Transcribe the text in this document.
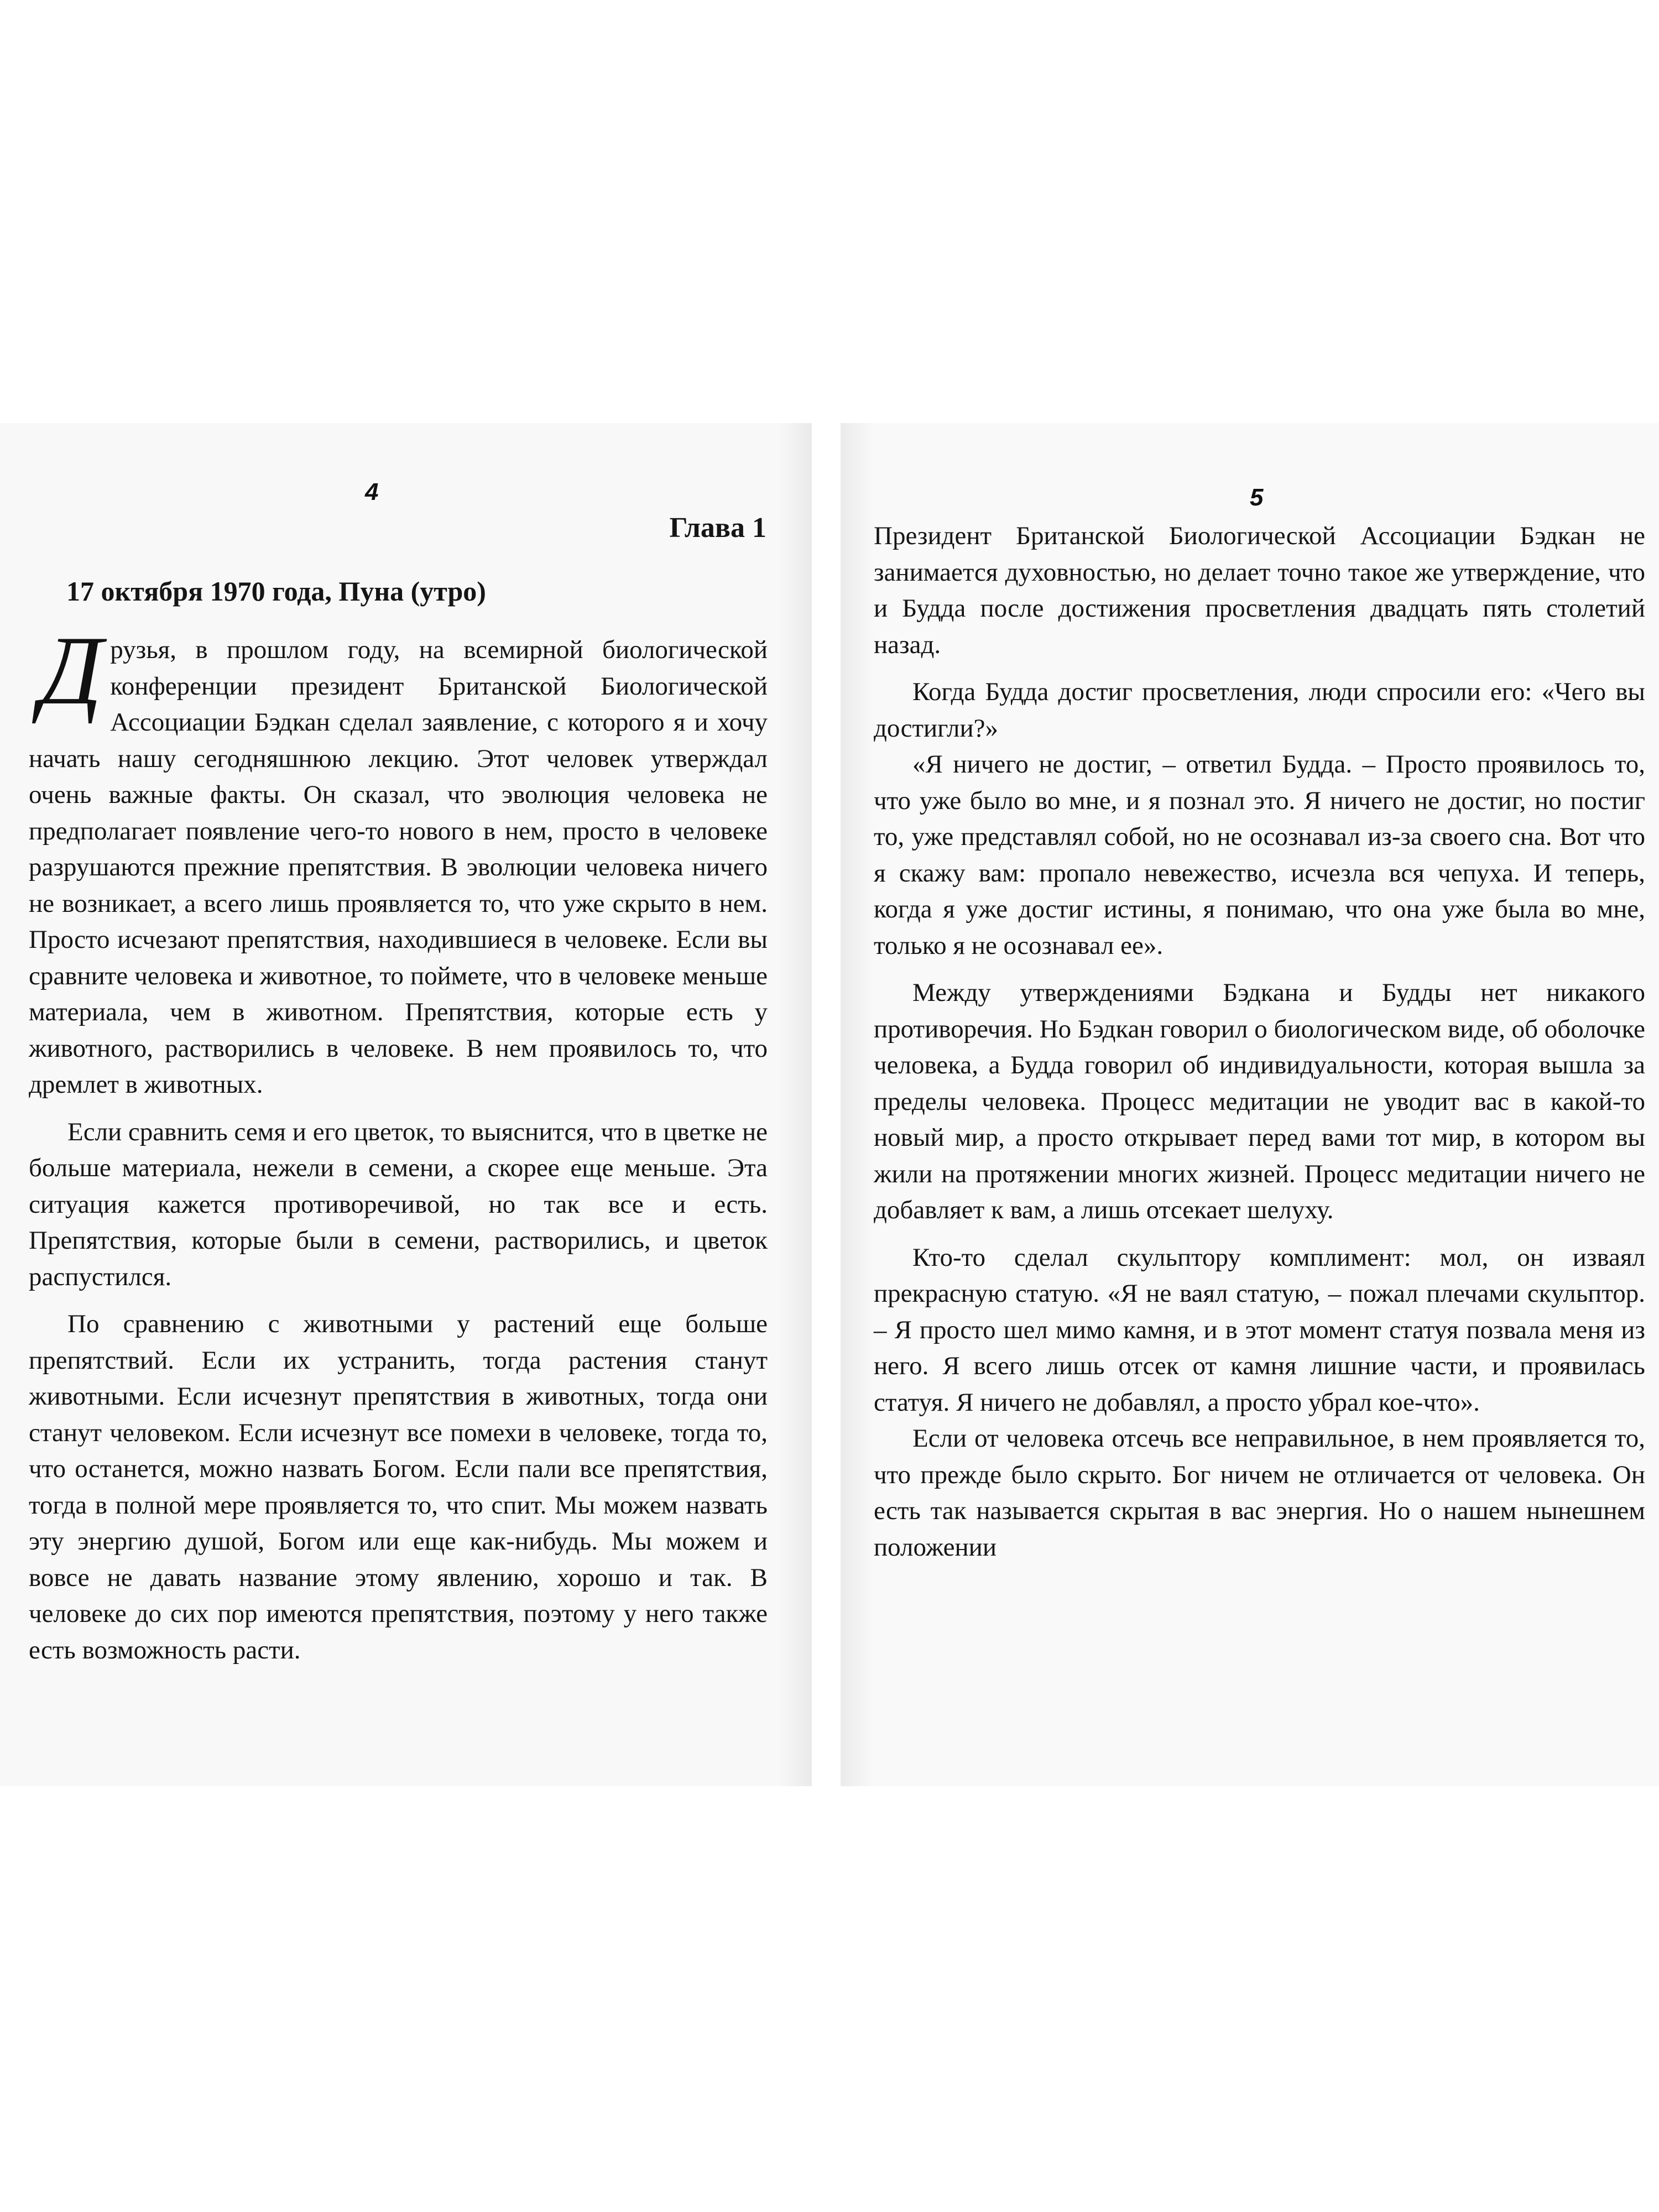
4
Глава 1
17 октября 1970 года, Пуна (утро)

Друзья, в прошлом году, на всемирной биологической конференции президент Британской Биологической Ассоциации Бэдкан сделал заявление, с которого я и хочу начать нашу сегодняшнюю лекцию. Этот человек утверждал очень важные факты. Он сказал, что эволюция человека не предполагает появление чего-то нового в нем, просто в человеке разрушаются прежние препятствия. В эволюции человека ничего не возникает, а всего лишь проявляется то, что уже скрыто в нем. Просто исчезают препятствия, находившиеся в человеке. Если вы сравните человека и животное, то поймете, что в человеке меньше материала, чем в животном. Препятствия, которые есть у животного, растворились в человеке. В нем проявилось то, что дремлет в животных.

Если сравнить семя и его цветок, то выяснится, что в цветке не больше материала, нежели в семени, а скорее еще меньше. Эта ситуация кажется противоречивой, но так все и есть. Препятствия, которые были в семени, растворились, и цветок распустился.

По сравнению с животными у растений еще больше препятствий. Если их устранить, тогда растения станут животными. Если исчезнут препятствия в животных, тогда они станут человеком. Если исчезнут все помехи в человеке, тогда то, что останется, можно назвать Богом. Если пали все препятствия, тогда в полной мере проявляется то, что спит. Мы можем назвать эту энергию душой, Богом или еще как-нибудь. Мы можем и вовсе не давать название этому явлению, хорошо и так. В человеке до сих пор имеются препятствия, поэтому у него также есть возможность расти.

5

Президент Британской Биологической Ассоциации Бэдкан не занимается духовностью, но делает точно такое же утверждение, что и Будда после достижения просветления двадцать пять столетий назад.

Когда Будда достиг просветления, люди спросили его: «Чего вы достигли?»

«Я ничего не достиг, – ответил Будда. – Просто проявилось то, что уже было во мне, и я познал это. Я ничего не достиг, но постиг то, уже представлял собой, но не осознавал из-за своего сна. Вот что я скажу вам: пропало невежество, исчезла вся чепуха. И теперь, когда я уже достиг истины, я понимаю, что она уже была во мне, только я не осознавал ее».

Между утверждениями Бэдкана и Будды нет никакого противоречия. Но Бэдкан говорил о биологическом виде, об оболочке человека, а Будда говорил об индивидуальности, которая вышла за пределы человека. Процесс медитации не уводит вас в какой-то новый мир, а просто открывает перед вами тот мир, в котором вы жили на протяжении многих жизней. Процесс медитации ничего не добавляет к вам, а лишь отсекает шелуху.

Кто-то сделал скульптору комплимент: мол, он изваял прекрасную статую. «Я не ваял статую, – пожал плечами скульптор. – Я просто шел мимо камня, и в этот момент статуя позвала меня из него. Я всего лишь отсек от камня лишние части, и проявилась статуя. Я ничего не добавлял, а просто убрал кое-что».

Если от человека отсечь все неправильное, в нем проявляется то, что прежде было скрыто. Бог ничем не отличается от человека. Он есть так называется скрытая в вас энергия. Но о нашем нынешнем положении
